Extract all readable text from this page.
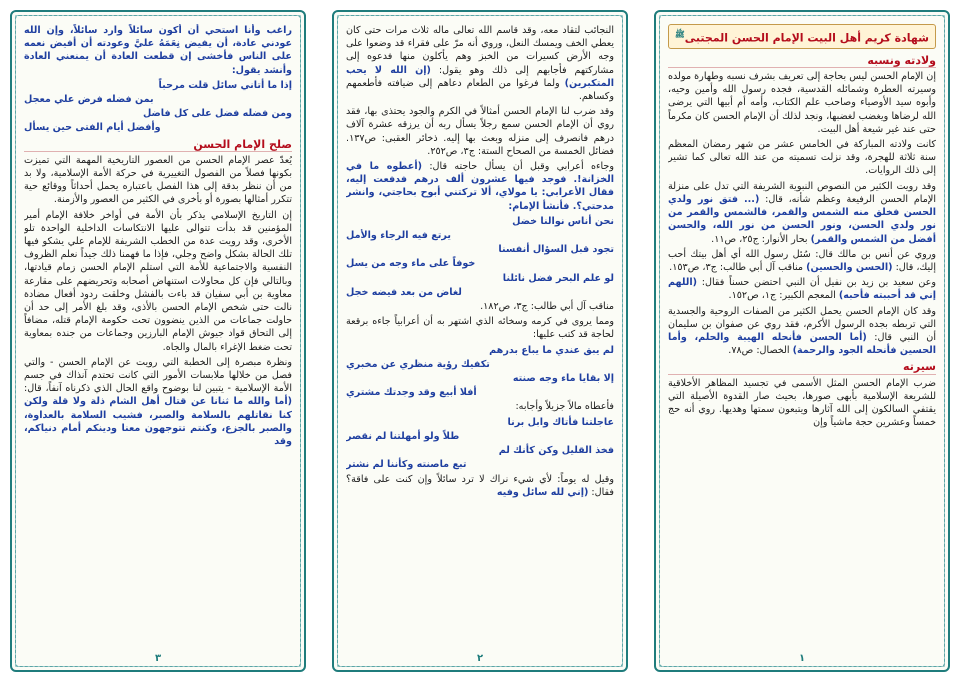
شهادة كريم أهل البيت الإمام الحسن المجتبى$^ﷺ$
ولادته ونسبه

إن الإمام الحسن ليس بحاجة إلى تعريف بشرف نسبه وطهارة مولده وسيرته العطرة وشمائله القدسية، فجده رسول الله وأمين وحيه، وأبوه سيد الأوصياء وصاحب علم الكتاب، وأمه أم أبيها التي يرضى الله لرضاها ويغضب لغضبها، ونجد لذلك أن الإمام الحسن كان مكرماً حتى عند غير شيعة أهل البيت.

كانت ولادته المباركة في الخامس عشر من شهر رمضان المعظم سنة ثلاثة للهجرة، وقد نزلت تسميته من عند الله تعالى كما تشير إلى ذلك الروايات.

وقد رويت الكثير من النصوص النبوية الشريفة التي تدل على منزلة الإمام الحسن الرفيعة وعظم شأنه، قال: (... فتق نور ولدي الحسن فخلق منه الشمس والقمر، فالشمس والقمر من نور ولدي الحسن، ونور الحسن من نور الله، والحسن أفضل من الشمس والقمر) بحار الأنوار: ج٢٥، ص١١.

وروي عن أنس بن مالك قال: سُئل رسول الله أي أهل بيتك أحب إليك، قال: (الحسن والحسين) مناقب آل أبي طالب: ج٣، ص١٥٣.

وعن سعيد بن زيد بن نفيل أن النبي احتضن حسناً فقال: (اللهم إني قد أحببته فأحبه) المعجم الكبير: ج١، ص١٥٢.

وقد كان الإمام الحسن يحمل الكثير من الصفات الروحية والجسدية التي تربطه بجده الرسول الأكرم، فقد روي عن صفوان بن سليمان أن النبي قال: (أما الحسن فأنحله الهيبة والحلم، وأما الحسين فأنحله الجود والرحمة) الخصال: ص٧٨.

سيرته

ضرب الإمام الحسن المثل الأسمى في تجسيد المظاهر الأخلاقية للشريعة الإسلامية بأبهى صورها، بحيث صار القدوة الأصيلة التي يقتفي السالكون إلى الله آثارها ويتبعون سمتها وهديها. روي أنه حج خمساً وعشرين حجة ماشياً وإن

١

النجائب لتقاد معه، وقد قاسم الله تعالى ماله ثلاث مرات حتى كان يعطي الخف ويمسك النعل، وروي أنه مرّ على فقراء قد وضعوا على وجه الأرض كسيرات من الخبز وهم يأكلون منها فدعوه إلى مشاركتهم فأجابهم إلى ذلك وهو يقول: (إن الله لا يحب المتكبرين) ولما فرغوا من الطعام دعاهم إلى ضيافته فأطعمهم وكساهم.

وقد ضرب لنا الإمام الحسن أمثالاً في الكرم والجود يحتذى بها، فقد روي أن الإمام الحسن سمع رجلاً يسأل ربه أن يرزقه عشرة آلاف درهم فانصرف إلى منزله وبعث بها إليه. ذخائر العقبى: ص١٣٧. فضائل الخمسة من الصحاح الستة: ج٣، ص٢٥٢.

وجاءه أعرابي وقبل أن يسأل حاجته قال: (أعطوه ما في الخزانة!. فوجد فيها عشرون ألف درهم فدفعت إليه، فقال الأعرابي: يا مولاي، ألا تركتني أبوح بحاجتي، وانشر مدحتي؟. فأنشأ الإمام:

نحن أناس نوالنا خضل
يرتع فيه الرجاء والأمل
تجود قبل السؤال أنفسنا
خوفاً على ماء وجه من يسل
لو علم البحر فضل نائلنا
لغاض من بعد فيضه خجل

مناقب آل أبي طالب: ج٣، ص١٨٢.

ومما يروى في كرمه وسخائه الذي اشتهر به أن أعرابياً جاءه برقعة لحاجة قد كتب عليها:

لم يبق عندي ما يباع بدرهم
تكفيك رؤية منظري عن مخبري
إلا بقايا ماء وجه صنته
أفلا أبيع وقد وجدتك مشتري

فأعطاه مالاً جزيلاً وأجابه:

عاجلتنا فأتاك وابل برنا
طلاً ولو أمهلتنا لم نقصر
فخذ القليل وكن كأنك لم
تبع ماصنته وكأننا لم نشتر

وقيل له يوماً: لأي شيء نراك لا ترد سائلاً وإن كنت على فاقة؟ فقال: (إني لله سائل وفيه

٢

راغب وأنا استحي أن أكون سائلاً وارد سائلاً، وإن الله عودني عادة، أن يفيض نِعَمَهُ عليَّ وعودته أن أفيض نعمه على الناس فأخشى إن قطعت العادة أن يمنعني العادة وأنشد يقول:

إذا ما أتاني سائل قلت مرحباً
بمن فضله فرض علي معجل
ومن فضله فضل على كل فاضل
وأفضل أيام الفتى حين يسأل
صلح الإمام الحسن

يُعدّ عصر الإمام الحسن من العصور التاريخية المهمة التي تميزت بكونها فصلاً من الفصول التغييرية في حركة الأمة الإسلامية، ولا بد من أن ننظر بدقة إلى هذا الفصل باعتباره يحمل أحداثاً ووقائع حية تتكرر أمثالها بصورة أو بأخرى في الكثير من العصور والأزمنة.

إن التاريخ الإسلامي يذكر بأن الأمة في أواخر خلافة الإمام أمير المؤمنين قد بدأت تتوالى عليها الانتكاسات الداخلية الواحدة تلو الأخرى، وقد رويت عدة من الخطب الشريفة للإمام علي يشكو فيها تلك الحالة بشكل واضح وجلي، فإذا ما فهمنا ذلك جيداً نعلم الظروف النفسية والاجتماعية للأمة التي استلم الإمام الحسن زمام قيادتها، وبالتالي فإن كل محاولات استنهاض أصحابه وتحريضهم على مقارعة معاوية بن أبي سفيان قد باءت بالفشل وخلقت ردود أفعال مضادة نالت حتى شخص الإمام الحسن بالأذى، وقد بلغ الأمر إلى حد أن حاولت جماعات من الذين ينضوون تحت حكومة الإمام قتله، مضافاً إلى التحاق قواد جيوش الإمام البارزين وجماعات من جنده بمعاوية تحت ضغط الإغراء بالمال والجاه.

ونظرة مبصرة إلى الخطبة التي رويت عن الإمام الحسن - والتي فصل من خلالها ملابسات الأمور التي كانت تحتدم آنذاك في جسم الأمة الإسلامية - يتبين لنا بوضوح واقع الحال الذي ذكرناه آنفاً، قال: (أما والله ما ثنانا عن قتال أهل الشام ذلة ولا قلة ولكن كنا نقاتلهم بالسلامة والصبر، فشيب السلامة بالعداوة، والصبر بالجزع، وكنتم تتوجهون معنا ودينكم أمام دنياكم، وقد

٣
